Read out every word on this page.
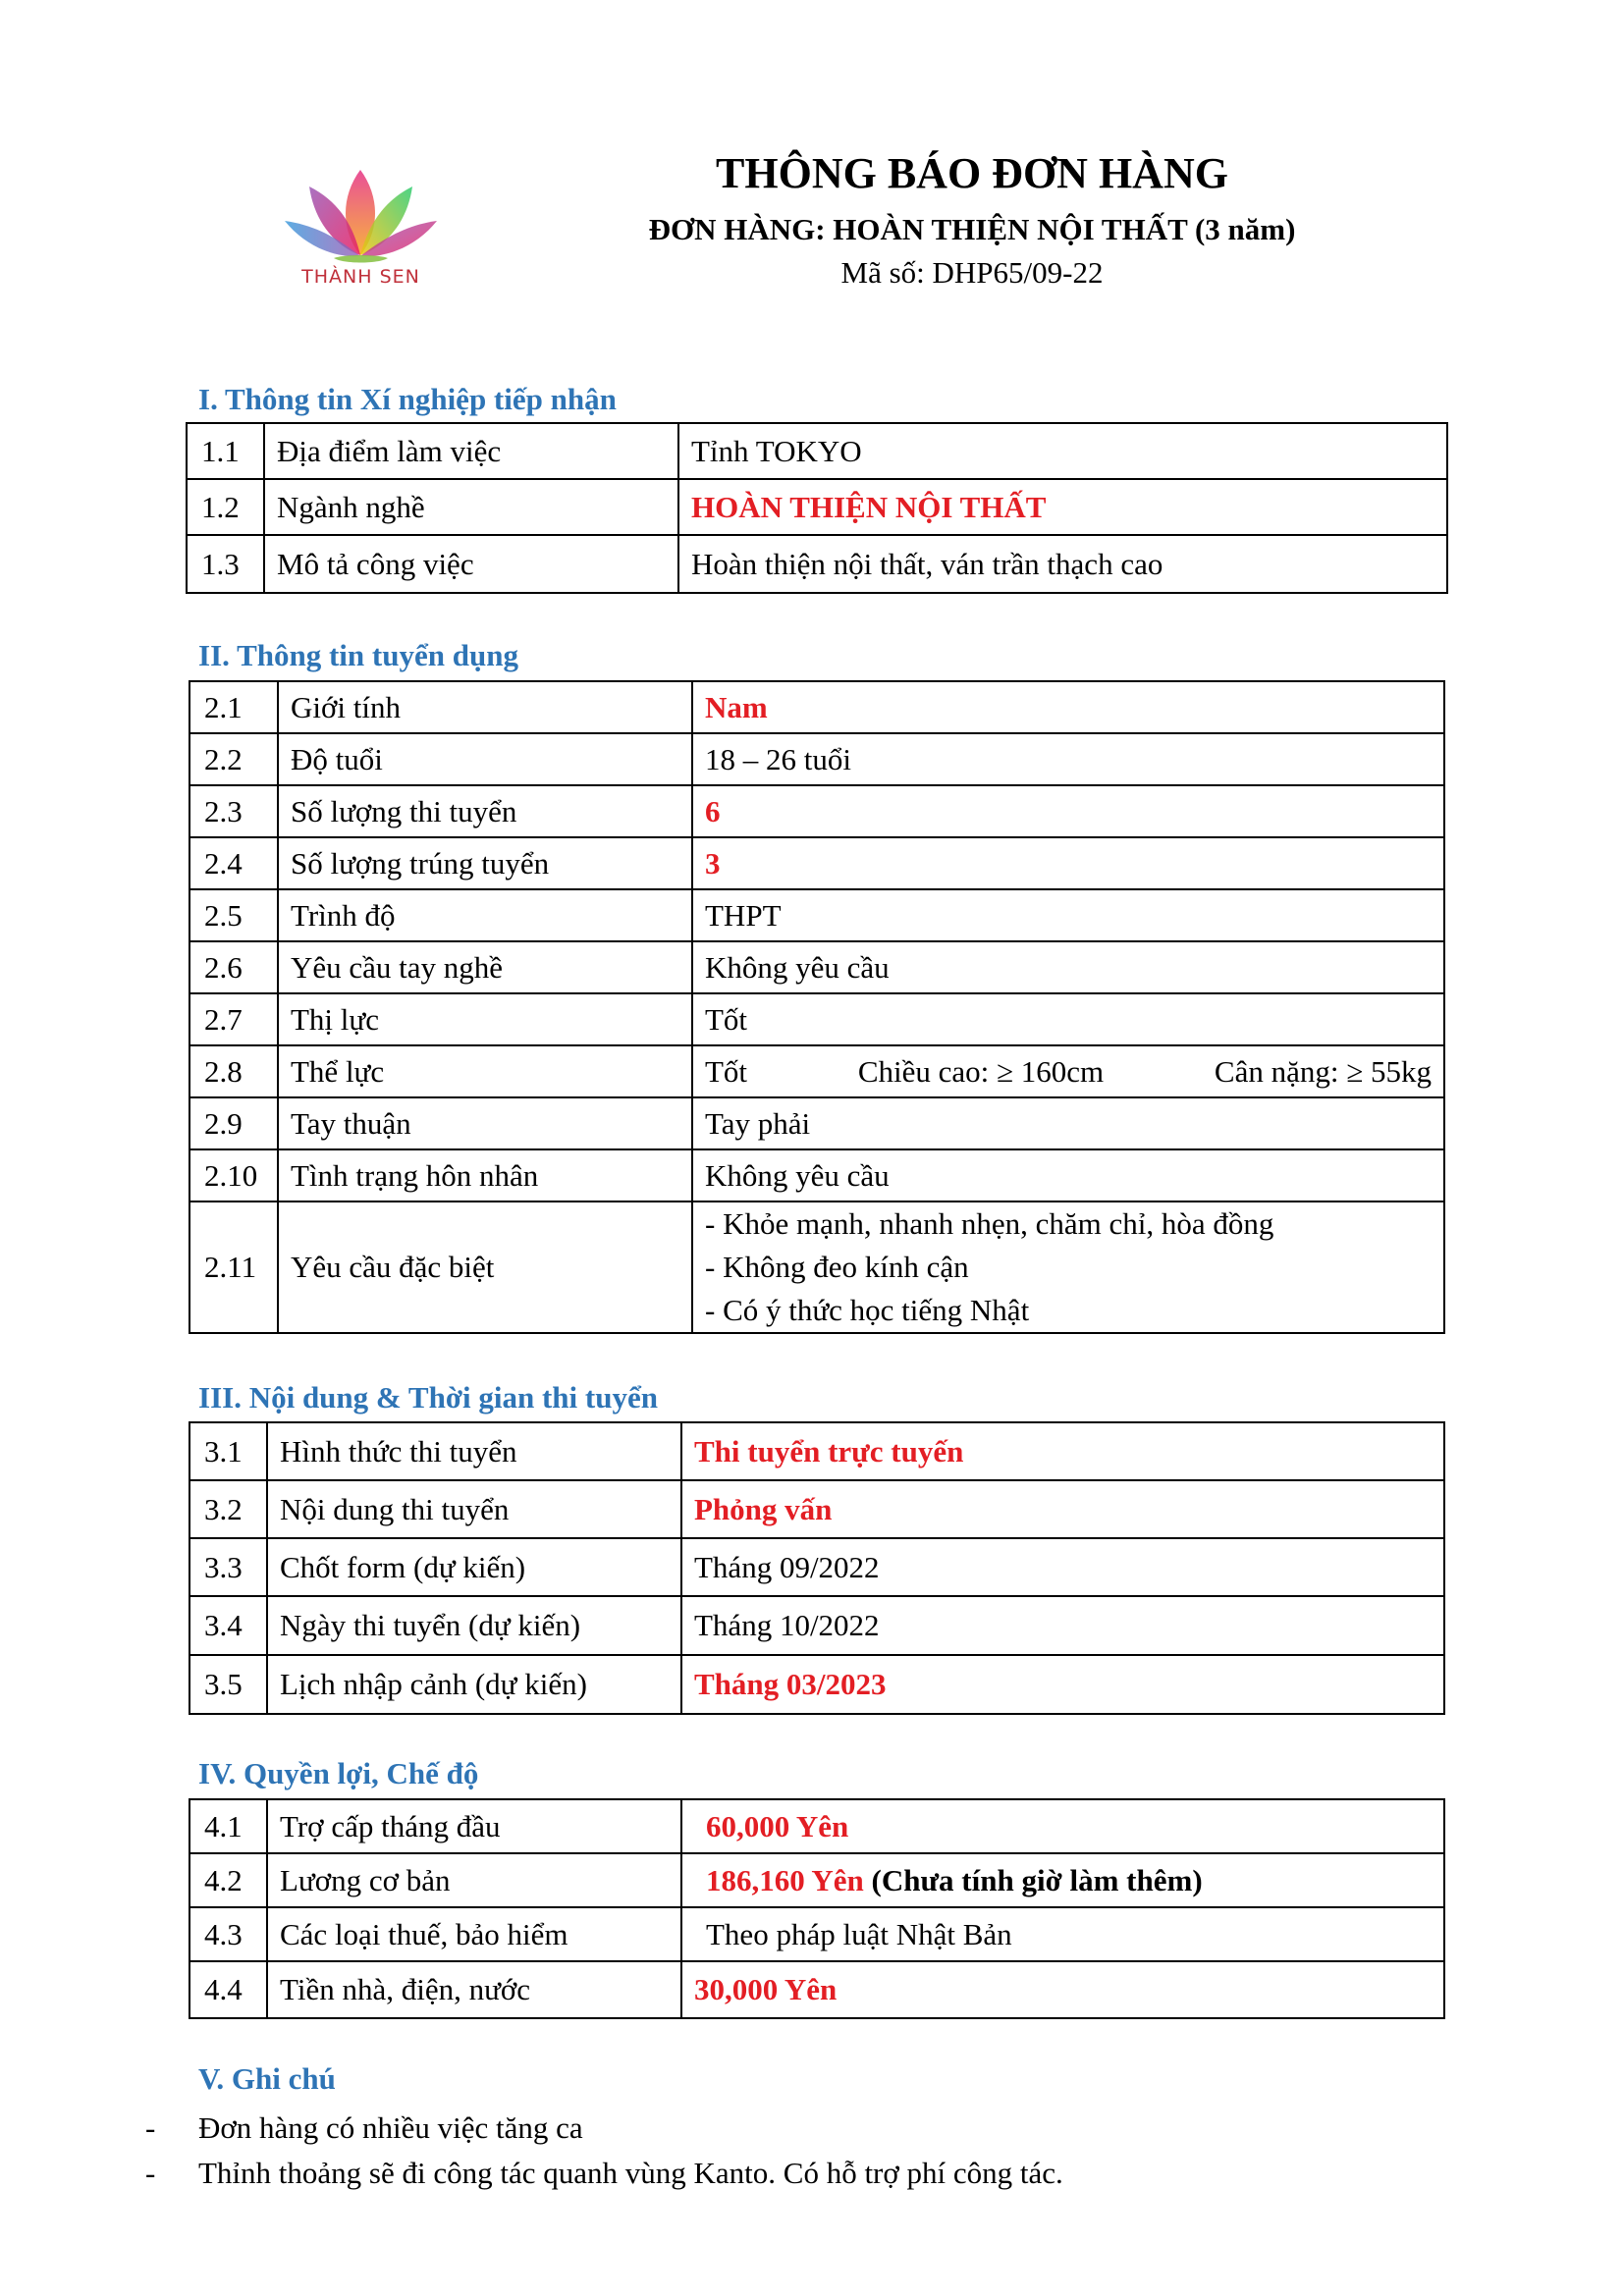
THÀNH SEN
THÔNG BÁO ĐƠN HÀNG
ĐƠN HÀNG: HOÀN THIỆN NỘI THẤT (3 năm)
Mã số: DHP65/09-22
I. Thông tin Xí nghiệp tiếp nhận
1.1	Địa điểm làm việc	Tỉnh TOKYO
1.2	Ngành nghề	HOÀN THIỆN NỘI THẤT
1.3	Mô tả công việc	Hoàn thiện nội thất, ván trần thạch cao
II. Thông tin tuyển dụng
2.1	Giới tính	Nam
2.2	Độ tuổi	18 – 26 tuổi
2.3	Số lượng thi tuyển	6
2.4	Số lượng trúng tuyển	3
2.5	Trình độ	THPT
2.6	Yêu cầu tay nghề	Không yêu cầu
2.7	Thị lực	Tốt
2.8	Thể lực	Tốt Chiều cao: ≥ 160cm Cân nặng: ≥ 55kg

2.9	Tay thuận	Tay phải
2.10	Tình trạng hôn nhân	Không yêu cầu
2.11	Yêu cầu đặc biệt	- Khỏe mạnh, nhanh nhẹn, chăm chỉ, hòa đồng
- Không đeo kính cận
- Có ý thức học tiếng Nhật
III. Nội dung & Thời gian thi tuyển
3.1	Hình thức thi tuyển	Thi tuyển trực tuyến
3.2	Nội dung thi tuyển	Phỏng vấn
3.3	Chốt form (dự kiến)	Tháng 09/2022
3.4	Ngày thi tuyển (dự kiến)	Tháng 10/2022
3.5	Lịch nhập cảnh (dự kiến)	Tháng 03/2023
IV. Quyền lợi, Chế độ
4.1	Trợ cấp tháng đầu	60,000 Yên
4.2	Lương cơ bản	186,160 Yên (Chưa tính giờ làm thêm)
4.3	Các loại thuế, bảo hiểm	Theo pháp luật Nhật Bản
4.4	Tiền nhà, điện, nước	30,000 Yên
V. Ghi chú
-	Đơn hàng có nhiều việc tăng ca
-	Thỉnh thoảng sẽ đi công tác quanh vùng Kanto. Có hỗ trợ phí công tác.
